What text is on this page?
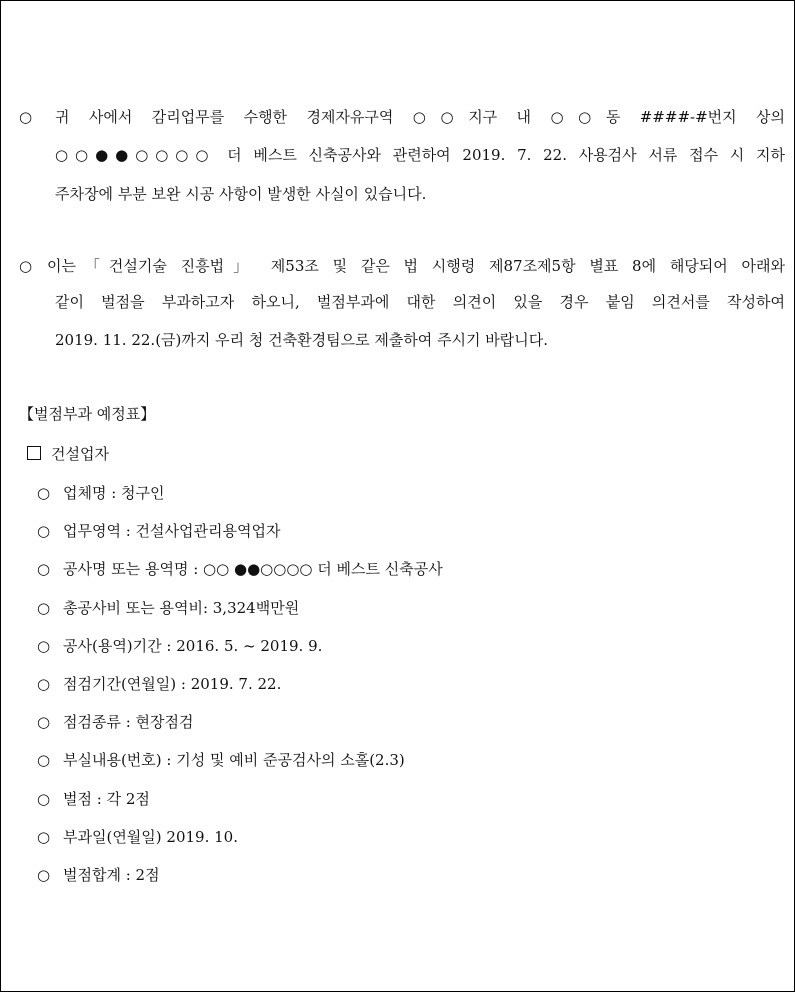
○ 귀 사에서 감리업무를 수행한 경제자유구역 ○○지구 내 ○○동 ####-#번지 상의
○○●●○○○○ 더 베스트 신축공사와 관련하여 2019. 7. 22. 사용검사 서류 접수 시 지하
주차장에 부분 보완 시공 사항이 발생한 사실이 있습니다.
○ 이는「건설기술 진흥법」 제53조 및 같은 법 시행령 제87조제5항 별표 8에 해당되어 아래와
같이 벌점을 부과하고자 하오니, 벌점부과에 대한 의견이 있을 경우 붙임 의견서를 작성하여
2019. 11. 22.(금)까지 우리 청 건축환경팀으로 제출하여 주시기 바랍니다.
【벌점부과 예정표】
건설업자
○ 업체명 : 청구인
○ 업무영역 : 건설사업관리용역업자
○ 공사명 또는 용역명 : ○○ ●●○○○○ 더 베스트 신축공사
○ 총공사비 또는 용역비: 3,324백만원
○ 공사(용역)기간 : 2016. 5. ~ 2019. 9.
○ 점검기간(연월일) : 2019. 7. 22.
○ 점검종류 : 현장점검
○ 부실내용(번호) : 기성 및 예비 준공검사의 소홀(2.3)
○ 벌점 : 각 2점
○ 부과일(연월일) 2019. 10.
○ 벌점합계 : 2점
